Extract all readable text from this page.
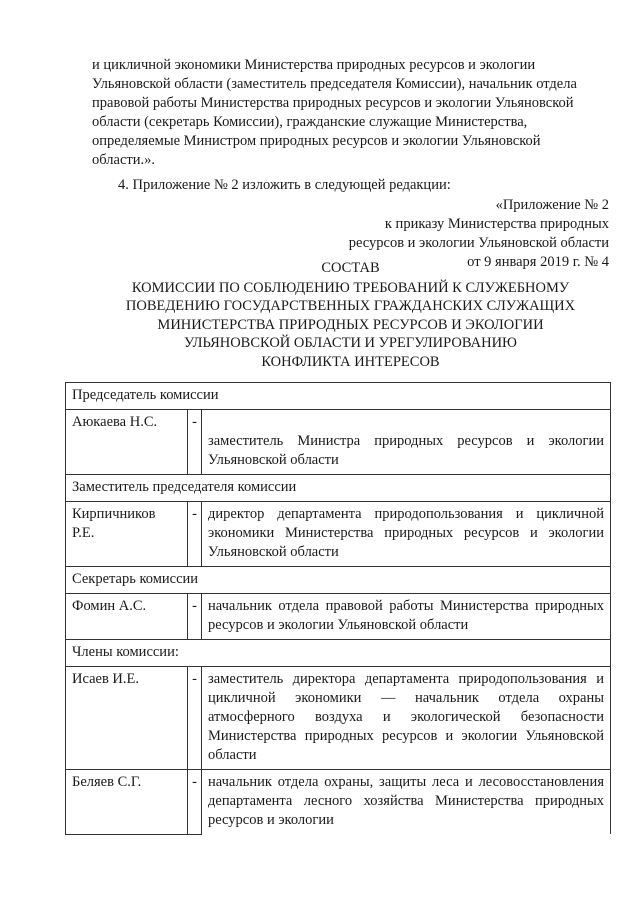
и цикличной экономики Министерства природных ресурсов и экологии

Ульяновской области (заместитель председателя Комиссии), начальник отдела

правовой работы Министерства природных ресурсов и экологии Ульяновской

области (секретарь Комиссии), гражданские служащие Министерства,

определяемые Министром природных ресурсов и экологии Ульяновской

области.».

4. Приложение № 2 изложить в следующей редакции:
«Приложение № 2
к приказу Министерства природных
ресурсов и экологии Ульяновской области
от 9 января 2019 г. № 4
СОСТАВ
КОМИССИИ ПО СОБЛЮДЕНИЮ ТРЕБОВАНИЙ К СЛУЖЕБНОМУ
ПОВЕДЕНИЮ ГОСУДАРСТВЕННЫХ ГРАЖДАНСКИХ СЛУЖАЩИХ
МИНИСТЕРСТВА ПРИРОДНЫХ РЕСУРСОВ И ЭКОЛОГИИ
УЛЬЯНОВСКОЙ ОБЛАСТИ И УРЕГУЛИРОВАНИЮ
КОНФЛИКТА ИНТЕРЕСОВ
Председатель комиссии		
Аюкаева Н.С.	-	заместитель Министра природных ресурсов и экологии Ульяновской области
Заместитель председателя комиссии		
Кирпичников Р.Е.	-	директор департамента природопользования и цикличной экономики Министерства природных ресурсов и экологии Ульяновской области
Секретарь комиссии		
Фомин А.С.	-	начальник отдела правовой работы Министерства природных ресурсов и экологии Ульяновской области
Члены комиссии:		
Исаев И.Е.	-	заместитель директора департамента природопользования и цикличной экономики — начальник отдела охраны атмосферного воздуха и экологической безопасности Министерства природных ресурсов и экологии Ульяновской области
Беляев С.Г.	-	начальник отдела охраны, защиты леса и лесовосстановления департамента лесного хозяйства Министерства природных ресурсов и экологии
